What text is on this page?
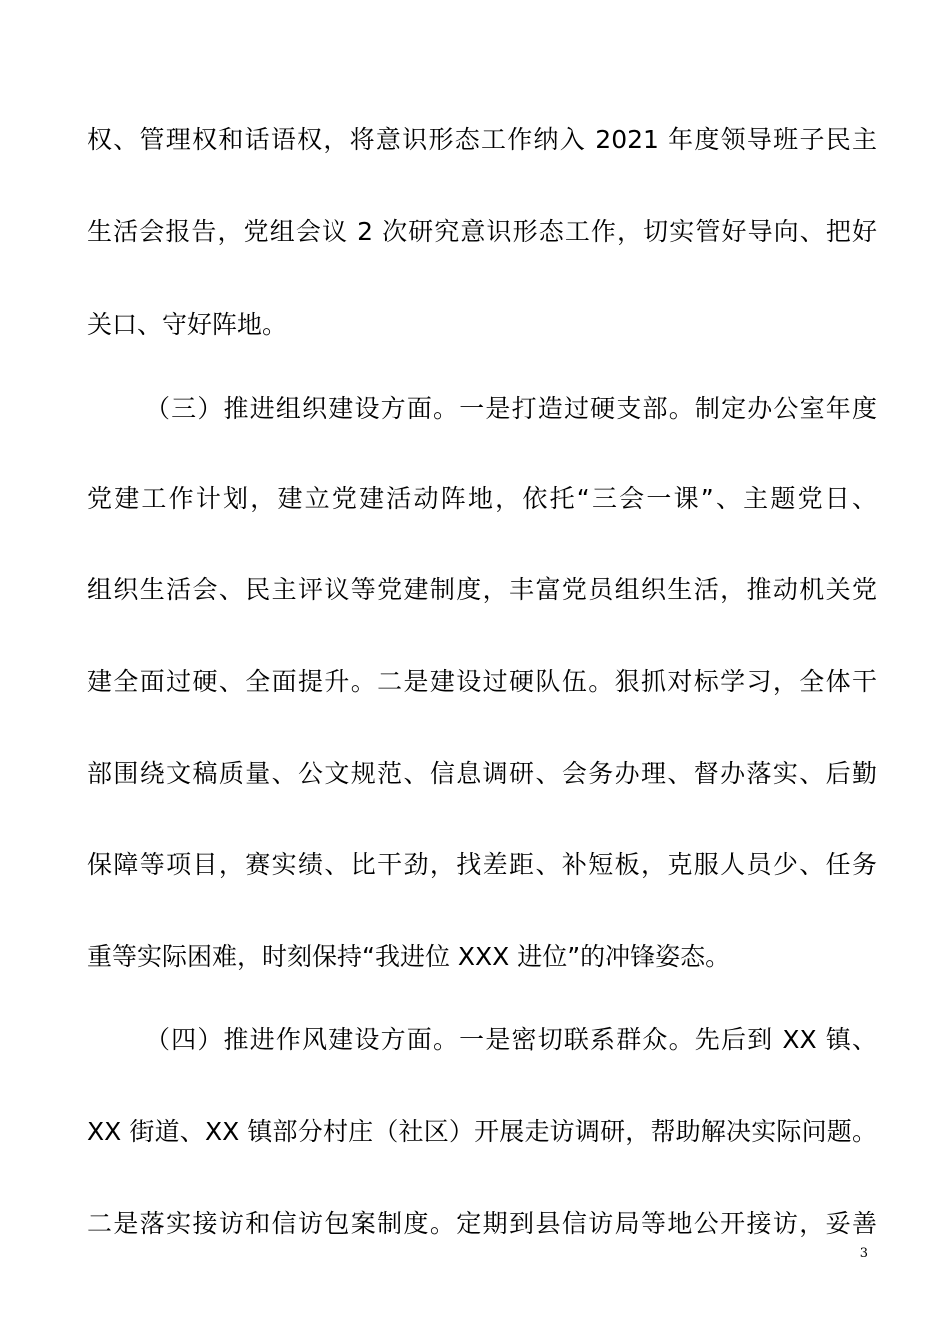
权、管理权和话语权，将意识形态工作纳入 2021 年度领导班子民主
生活会报告，党组会议 2 次研究意识形态工作，切实管好导向、把好
关口、守好阵地。
（三）推进组织建设方面。一是打造过硬支部。制定办公室年度
党建工作计划，建立党建活动阵地，依托“三会一课”、主题党日、
组织生活会、民主评议等党建制度，丰富党员组织生活，推动机关党
建全面过硬、全面提升。二是建设过硬队伍。狠抓对标学习，全体干
部围绕文稿质量、公文规范、信息调研、会务办理、督办落实、后勤
保障等项目，赛实绩、比干劲，找差距、补短板，克服人员少、任务
重等实际困难，时刻保持“我进位 XXX 进位”的冲锋姿态。
（四）推进作风建设方面。一是密切联系群众。先后到 XX 镇、
XX 街道、XX 镇部分村庄（社区）开展走访调研，帮助解决实际问题。
二是落实接访和信访包案制度。定期到县信访局等地公开接访，妥善
3
